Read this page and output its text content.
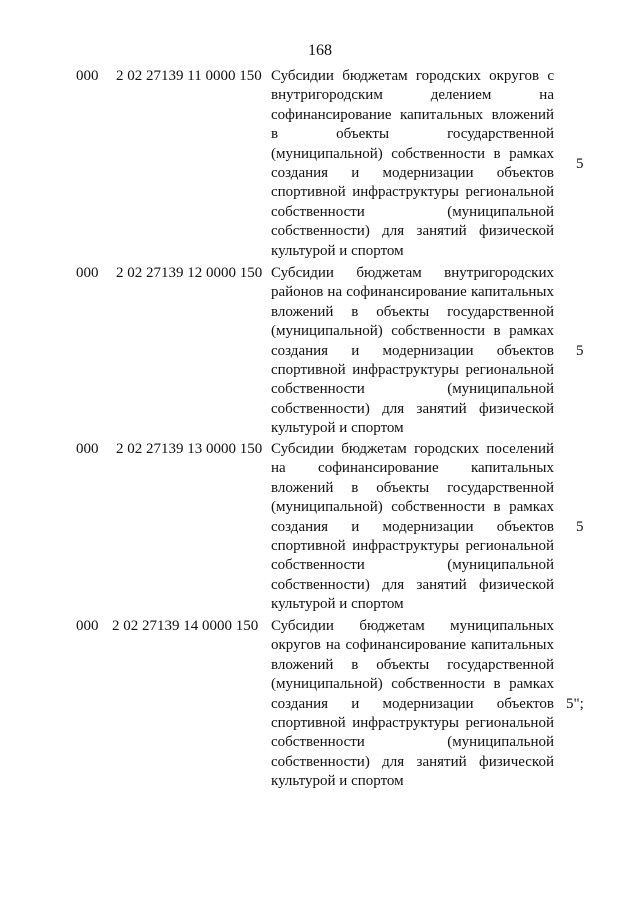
168
000 2 02 27139 11 0000 150 Субсидии бюджетам городских округов с внутригородским делением на софинансирование капитальных вложений в объекты государственной (муниципальной) собственности в рамках создания и модернизации объектов спортивной инфраструктуры региональной собственности (муниципальной собственности) для занятий физической культурой и спортом
5
000 2 02 27139 12 0000 150 Субсидии бюджетам внутригородских районов на софинансирование капитальных вложений в объекты государственной (муниципальной) собственности в рамках создания и модернизации объектов спортивной инфраструктуры региональной собственности (муниципальной собственности) для занятий физической культурой и спортом
5
000 2 02 27139 13 0000 150 Субсидии бюджетам городских поселений на софинансирование капитальных вложений в объекты государственной (муниципальной) собственности в рамках создания и модернизации объектов спортивной инфраструктуры региональной собственности (муниципальной собственности) для занятий физической культурой и спортом
5
000 2 02 27139 14 0000 150 Субсидии бюджетам муниципальных округов на софинансирование капитальных вложений в объекты государственной (муниципальной) собственности в рамках создания и модернизации объектов спортивной инфраструктуры региональной собственности (муниципальной собственности) для занятий физической культурой и спортом
5";
